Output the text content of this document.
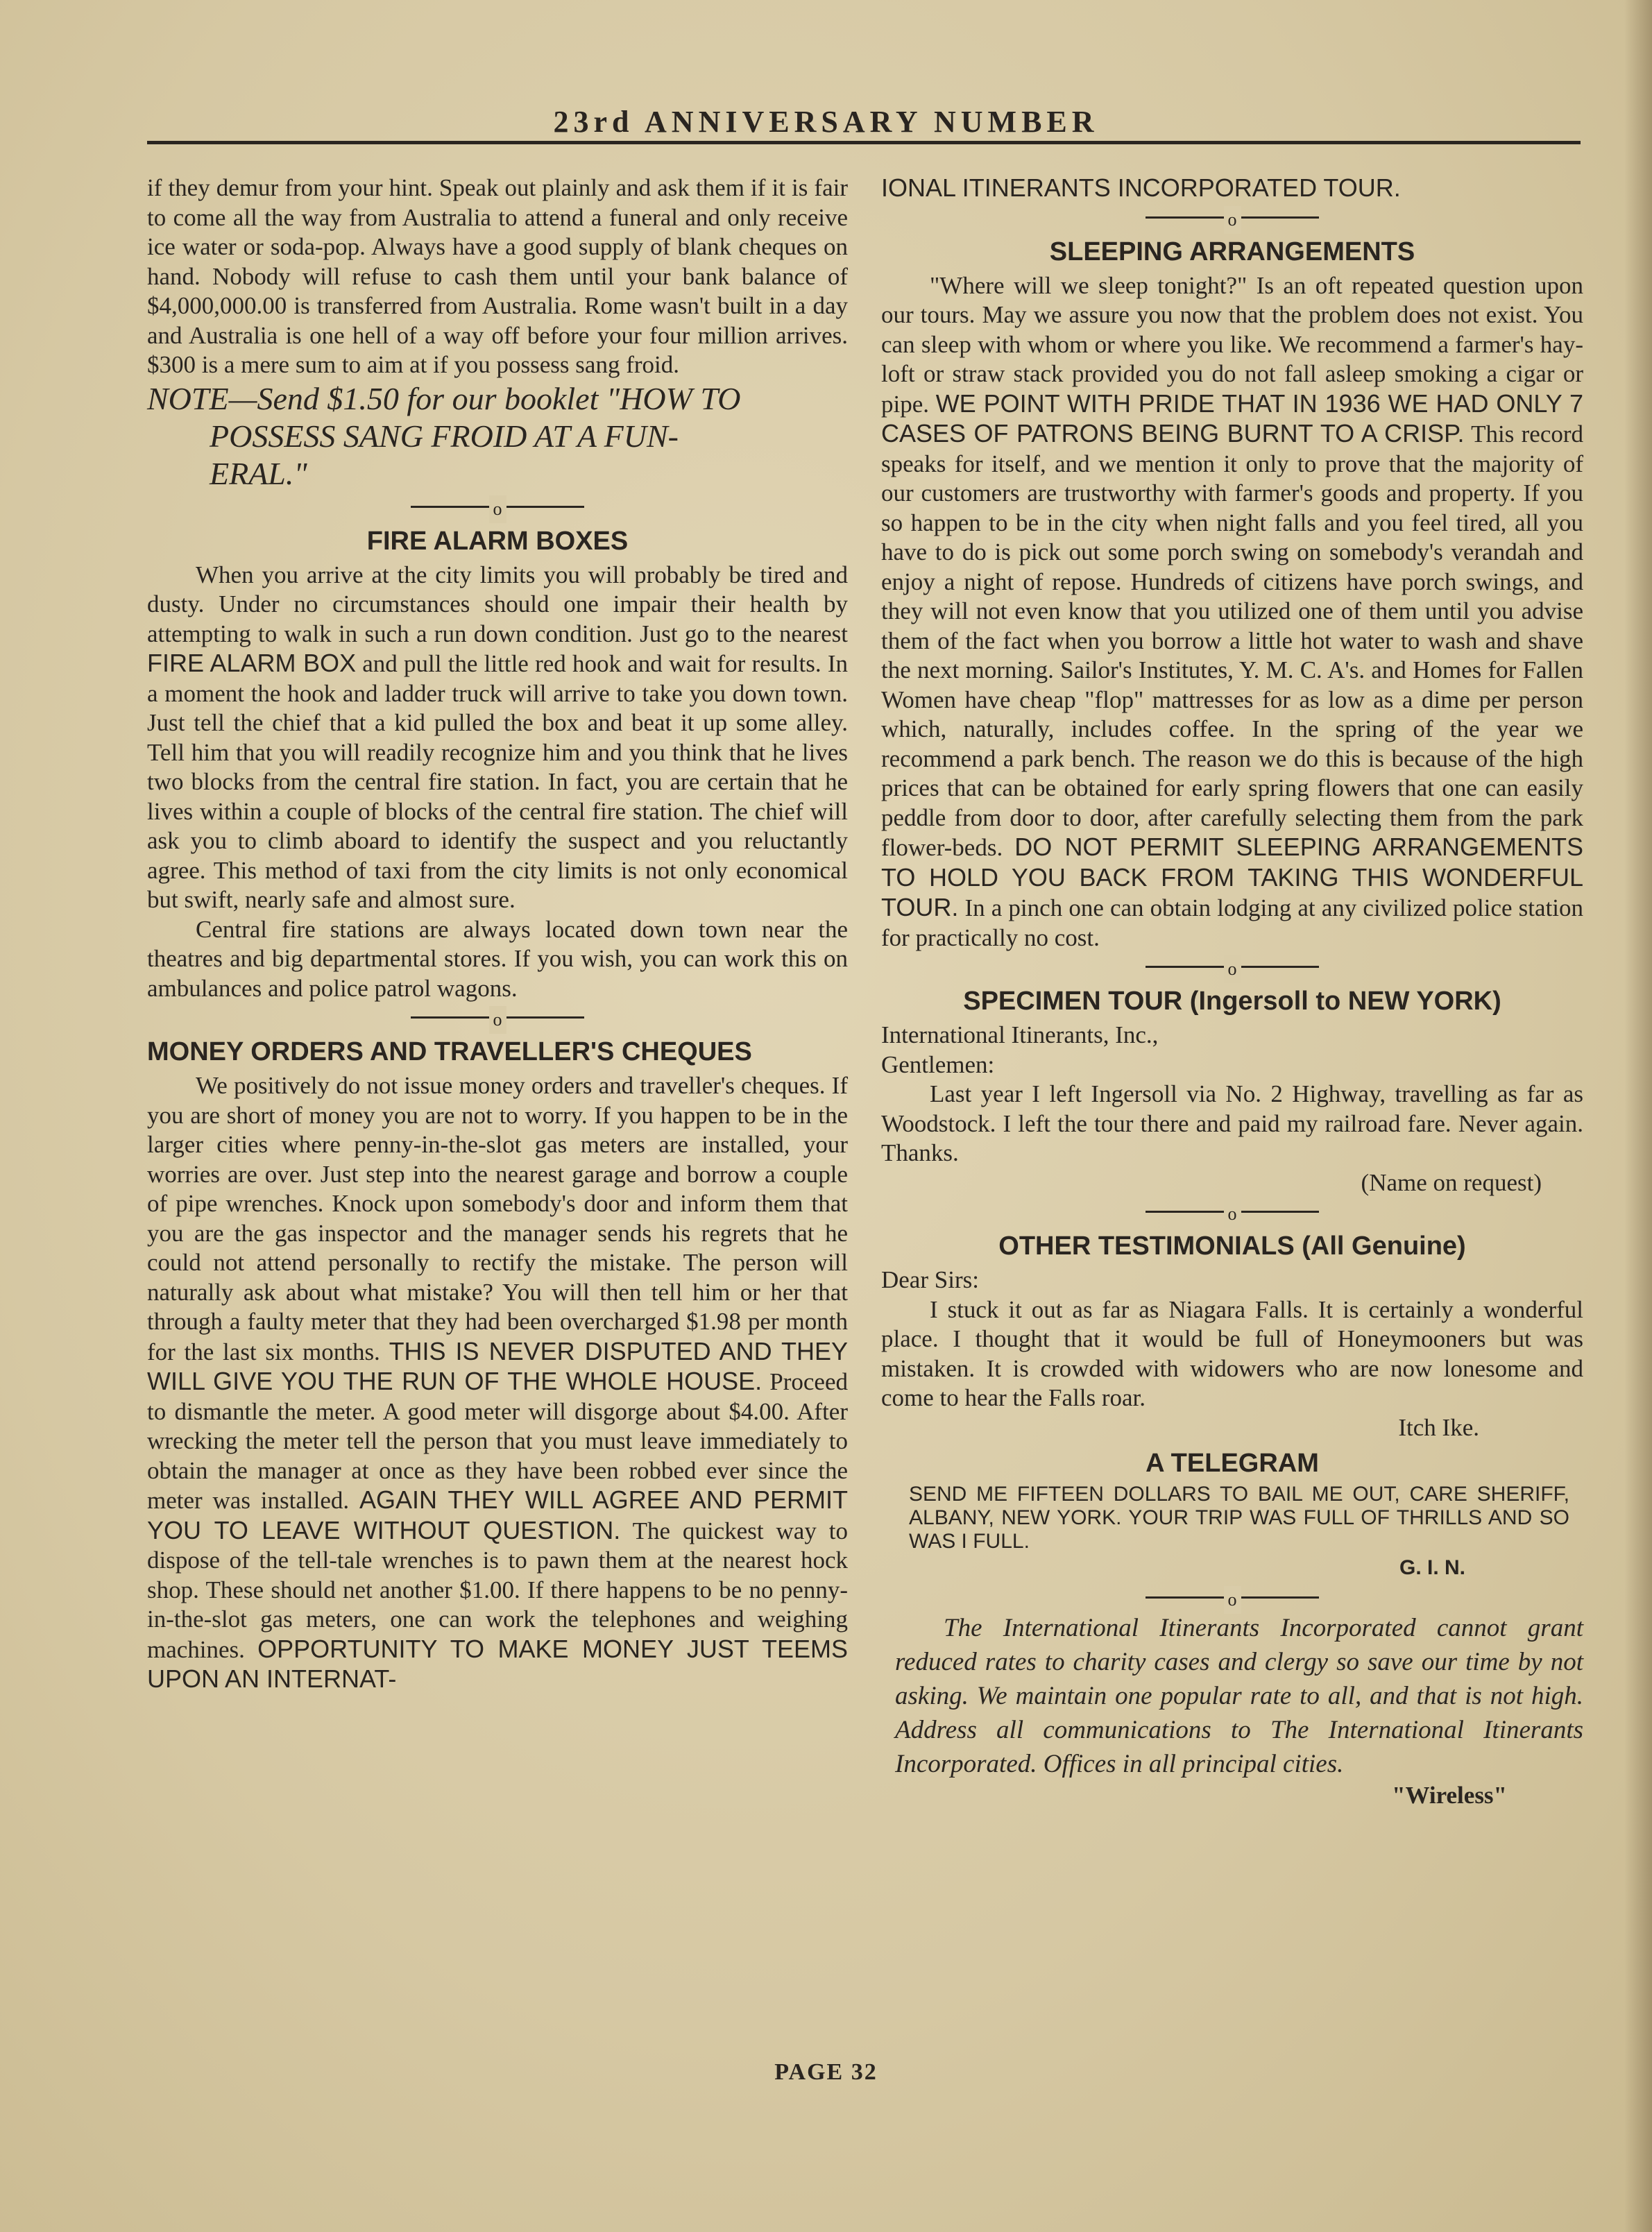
23rd ANNIVERSARY NUMBER

if they demur from your hint. Speak out plainly and ask them if it is fair to come all the way from Australia to attend a funeral and only receive ice water or soda-pop. Always have a good supply of blank cheques on hand. Nobody will refuse to cash them until your bank balance of $4,000,000.00 is transferred from Australia. Rome wasn't built in a day and Australia is one hell of a way off before your four million arrives. $300 is a mere sum to aim at if you possess sang froid.

NOTE—Send $1.50 for our booklet "HOW TO

POSSESS SANG FROID AT A FUN-

ERAL."

o
FIRE ALARM BOXES

When you arrive at the city limits you will probably be tired and dusty. Under no circumstances should one impair their health by attempting to walk in such a run down condition. Just go to the nearest FIRE ALARM BOX and pull the little red hook and wait for results. In a moment the hook and ladder truck will arrive to take you down town. Just tell the chief that a kid pulled the box and beat it up some alley. Tell him that you will readily recognize him and you think that he lives two blocks from the central fire station. In fact, you are certain that he lives within a couple of blocks of the central fire station. The chief will ask you to climb aboard to identify the suspect and you reluctantly agree. This method of taxi from the city limits is not only economical but swift, nearly safe and almost sure.

Central fire stations are always located down town near the theatres and big departmental stores. If you wish, you can work this on ambulances and police patrol wagons.

o
MONEY ORDERS AND TRAVELLER'S CHEQUES

We positively do not issue money orders and traveller's cheques. If you are short of money you are not to worry. If you happen to be in the larger cities where penny-in-the-slot gas meters are installed, your worries are over. Just step into the nearest garage and borrow a couple of pipe wrenches. Knock upon somebody's door and inform them that you are the gas inspector and the manager sends his regrets that he could not attend personally to rectify the mistake. The person will naturally ask about what mistake? You will then tell him or her that through a faulty meter that they had been overcharged $1.98 per month for the last six months. THIS IS NEVER DISPUTED AND THEY WILL GIVE YOU THE RUN OF THE WHOLE HOUSE. Proceed to dismantle the meter. A good meter will disgorge about $4.00. After wrecking the meter tell the person that you must leave immediately to obtain the manager at once as they have been robbed ever since the meter was installed. AGAIN THEY WILL AGREE AND PERMIT YOU TO LEAVE WITHOUT QUESTION. The quickest way to dispose of the tell-tale wrenches is to pawn them at the nearest hock shop. These should net another $1.00. If there happens to be no penny-in-the-slot gas meters, one can work the telephones and weighing machines. OPPORTUNITY TO MAKE MONEY JUST TEEMS UPON AN INTERNAT-

IONAL ITINERANTS INCORPORATED TOUR.

o
SLEEPING ARRANGEMENTS

"Where will we sleep tonight?" Is an oft repeated question upon our tours. May we assure you now that the problem does not exist. You can sleep with whom or where you like. We recommend a farmer's hay-loft or straw stack provided you do not fall asleep smoking a cigar or pipe. WE POINT WITH PRIDE THAT IN 1936 WE HAD ONLY 7 CASES OF PATRONS BEING BURNT TO A CRISP. This record speaks for itself, and we mention it only to prove that the majority of our customers are trustworthy with farmer's goods and property. If you so happen to be in the city when night falls and you feel tired, all you have to do is pick out some porch swing on somebody's verandah and enjoy a night of repose. Hundreds of citizens have porch swings, and they will not even know that you utilized one of them until you advise them of the fact when you borrow a little hot water to wash and shave the next morning. Sailor's Institutes, Y. M. C. A's. and Homes for Fallen Women have cheap "flop" mattresses for as low as a dime per person which, naturally, includes coffee. In the spring of the year we recommend a park bench. The reason we do this is because of the high prices that can be obtained for early spring flowers that one can easily peddle from door to door, after carefully selecting them from the park flower-beds. DO NOT PERMIT SLEEPING ARRANGEMENTS TO HOLD YOU BACK FROM TAKING THIS WONDERFUL TOUR. In a pinch one can obtain lodging at any civilized police station for practically no cost.

o
SPECIMEN TOUR (Ingersoll to NEW YORK)

International Itinerants, Inc.,

Gentlemen:

Last year I left Ingersoll via No. 2 Highway, travelling as far as Woodstock. I left the tour there and paid my railroad fare. Never again. Thanks.

(Name on request)

o
OTHER TESTIMONIALS (All Genuine)

Dear Sirs:

I stuck it out as far as Niagara Falls. It is certainly a wonderful place. I thought that it would be full of Honeymooners but was mistaken. It is crowded with widowers who are now lonesome and come to hear the Falls roar.

Itch Ike.

A TELEGRAM

SEND ME FIFTEEN DOLLARS TO BAIL ME OUT, CARE SHERIFF, ALBANY, NEW YORK. YOUR TRIP WAS FULL OF THRILLS AND SO WAS I FULL.

G. I. N.

o

The International Itinerants Incorporated cannot grant reduced rates to charity cases and clergy so save our time by not asking. We maintain one popular rate to all, and that is not high. Address all communications to The International Itinerants Incorporated. Offices in all principal cities.

"Wireless"

PAGE 32
